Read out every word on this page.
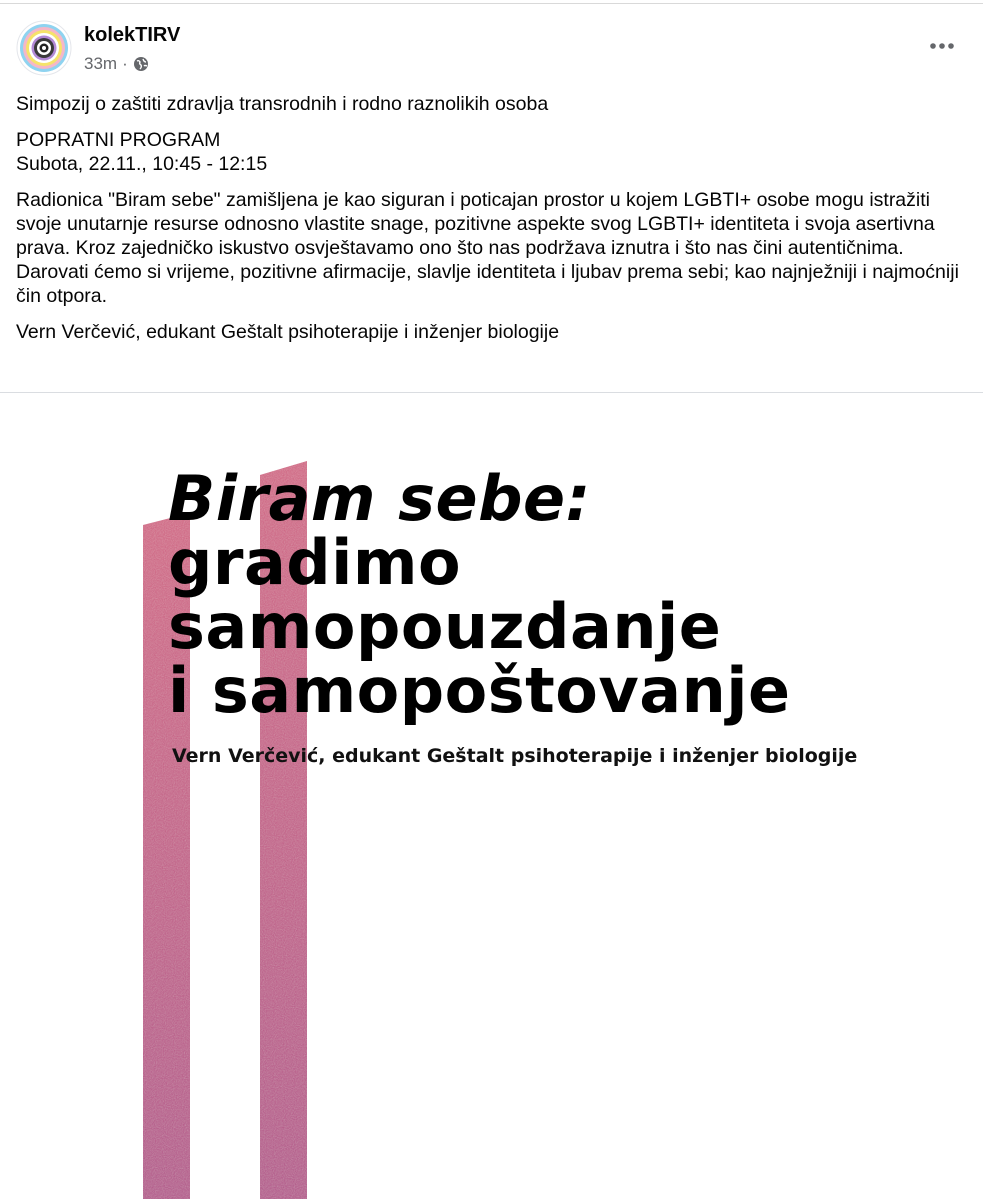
kolekTIRV
33m ·

Simpozij o zaštiti zdravlja transrodnih i rodno raznolikih osoba

POPRATNI PROGRAM
Subota, 22.11., 10:45 - 12:15

Radionica "Biram sebe" zamišljena je kao siguran i poticajan prostor u kojem LGBTI+ osobe mogu istražiti svoje unutarnje resurse odnosno vlastite snage, pozitivne aspekte svog LGBTI+ identiteta i svoja asertivna prava. Kroz zajedničko iskustvo osvještavamo ono što nas podržava iznutra i što nas čini autentičnima. Darovati ćemo si vrijeme, pozitivne afirmacije, slavlje identiteta i ljubav prema sebi; kao najnježniji i najmoćniji čin otpora.

Vern Verčević, edukant Geštalt psihoterapije i inženjer biologije

Biram sebe:
gradimo
samopouzdanje
i samopoštovanje
Vern Verčević, edukant Geštalt psihoterapije i inženjer biologije
